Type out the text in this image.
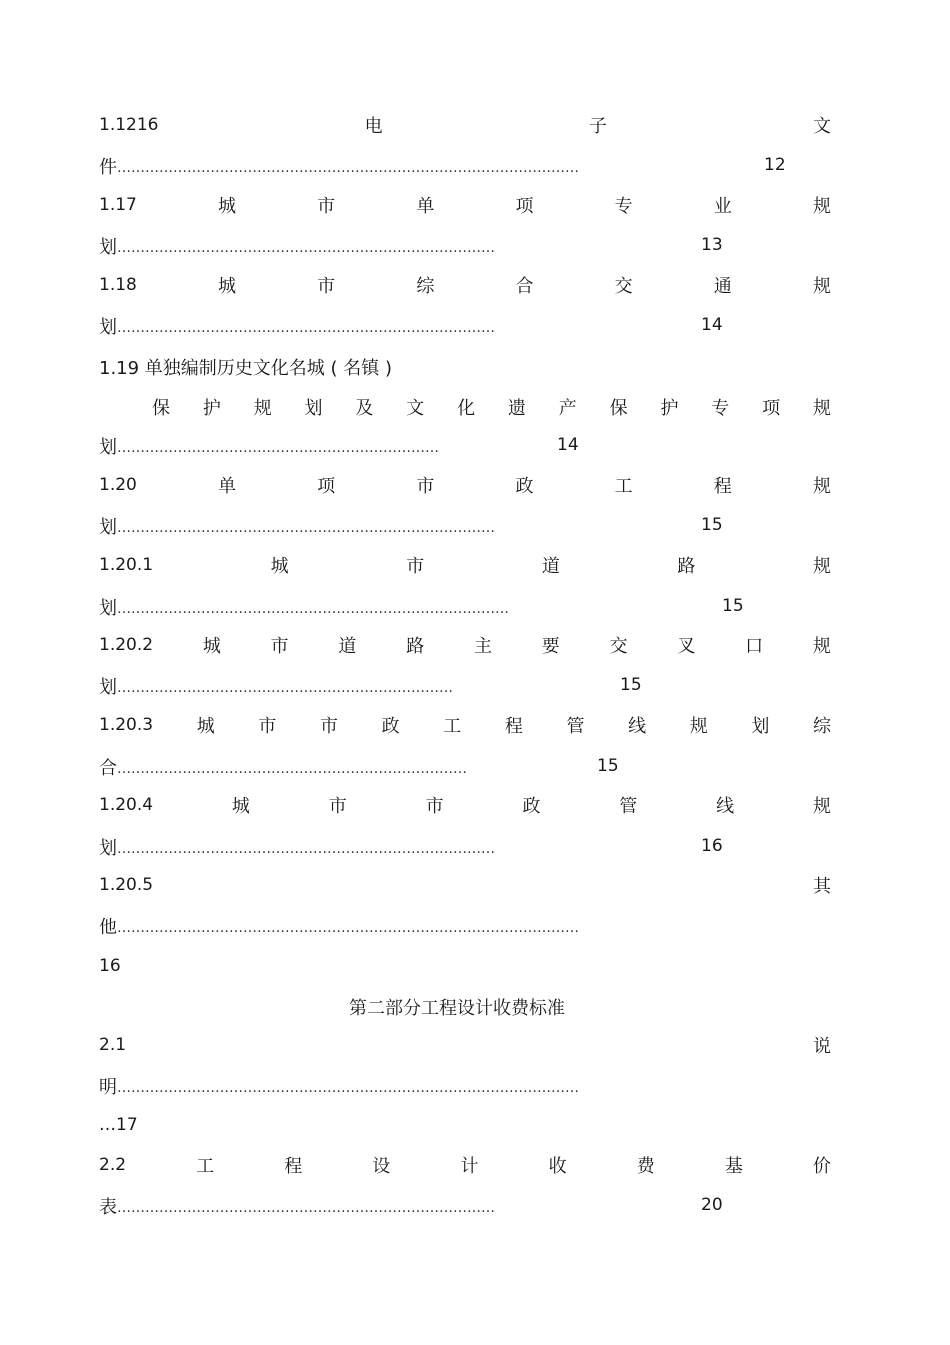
1.1216	电	子	文
件………………………………………………………………………………………	12
1.17	城	市	单	项	专	业	规
划………………………………………………………………………	13
1.18	城	市	综	合	交	通	规
划………………………………………………………………………	14
1.19 单独编制历史文化名城 ( 名镇 )
保 护 规 划 及 文 化 遗 产 保 护 专 项 规
划……………………………………………………………	14
1.20	单	项	市	政	工	程	规
划………………………………………………………………………	15
1.20.1	城	市	道	路	规
划…………………………………………………………………………	15
1.20.2	城	市	道	路	主	要	交	叉	口	规
划………………………………………………………………	15
1.20.3 城 市 市 政 工 程 管 线 规 划 综
合…………………………………………………………………	15
1.20.4	城	市	市	政	管	线	规
划………………………………………………………………………	16
1.20.5	其
他………………………………………………………………………………………
16
第二部分工程设计收费标准
2.1	说
明………………………………………………………………………………………
…17
2.2	工	程	设	计	收	费	基	价
表………………………………………………………………………	20
